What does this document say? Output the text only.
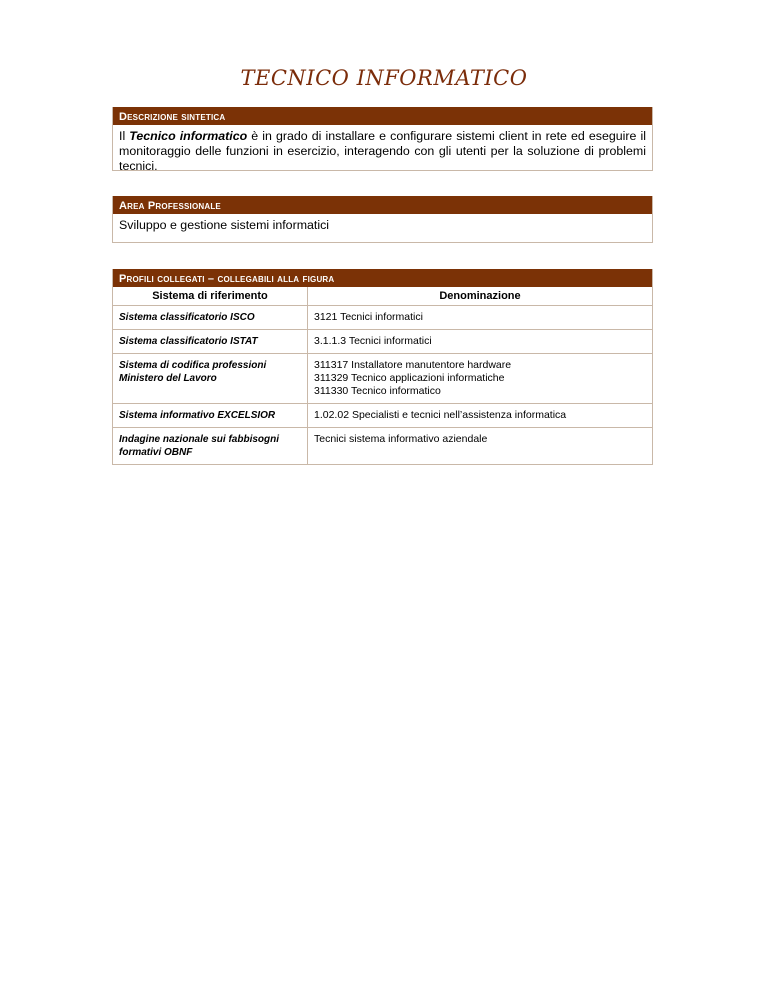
TECNICO INFORMATICO
Descrizione sintetica
Il Tecnico informatico è in grado di installare e configurare sistemi client in rete ed eseguire il monitoraggio delle funzioni in esercizio, interagendo con gli utenti per la soluzione di problemi tecnici.
Area Professionale
Sviluppo e gestione sistemi informatici
Profili collegati – collegabili alla figura
Sistema di riferimento	Denominazione
Sistema classificatorio ISCO	3121 Tecnici informatici

Sistema classificatorio ISTAT	3.1.1.3 Tecnici informatici

Sistema di codifica professioni Ministero del Lavoro	311317 Installatore manutentore hardware
311329 Tecnico applicazioni informatiche
311330 Tecnico informatico

Sistema informativo EXCELSIOR	1.02.02 Specialisti e tecnici nell’assistenza informatica

Indagine nazionale sui fabbisogni formativi OBNF	Tecnici sistema informativo aziendale
